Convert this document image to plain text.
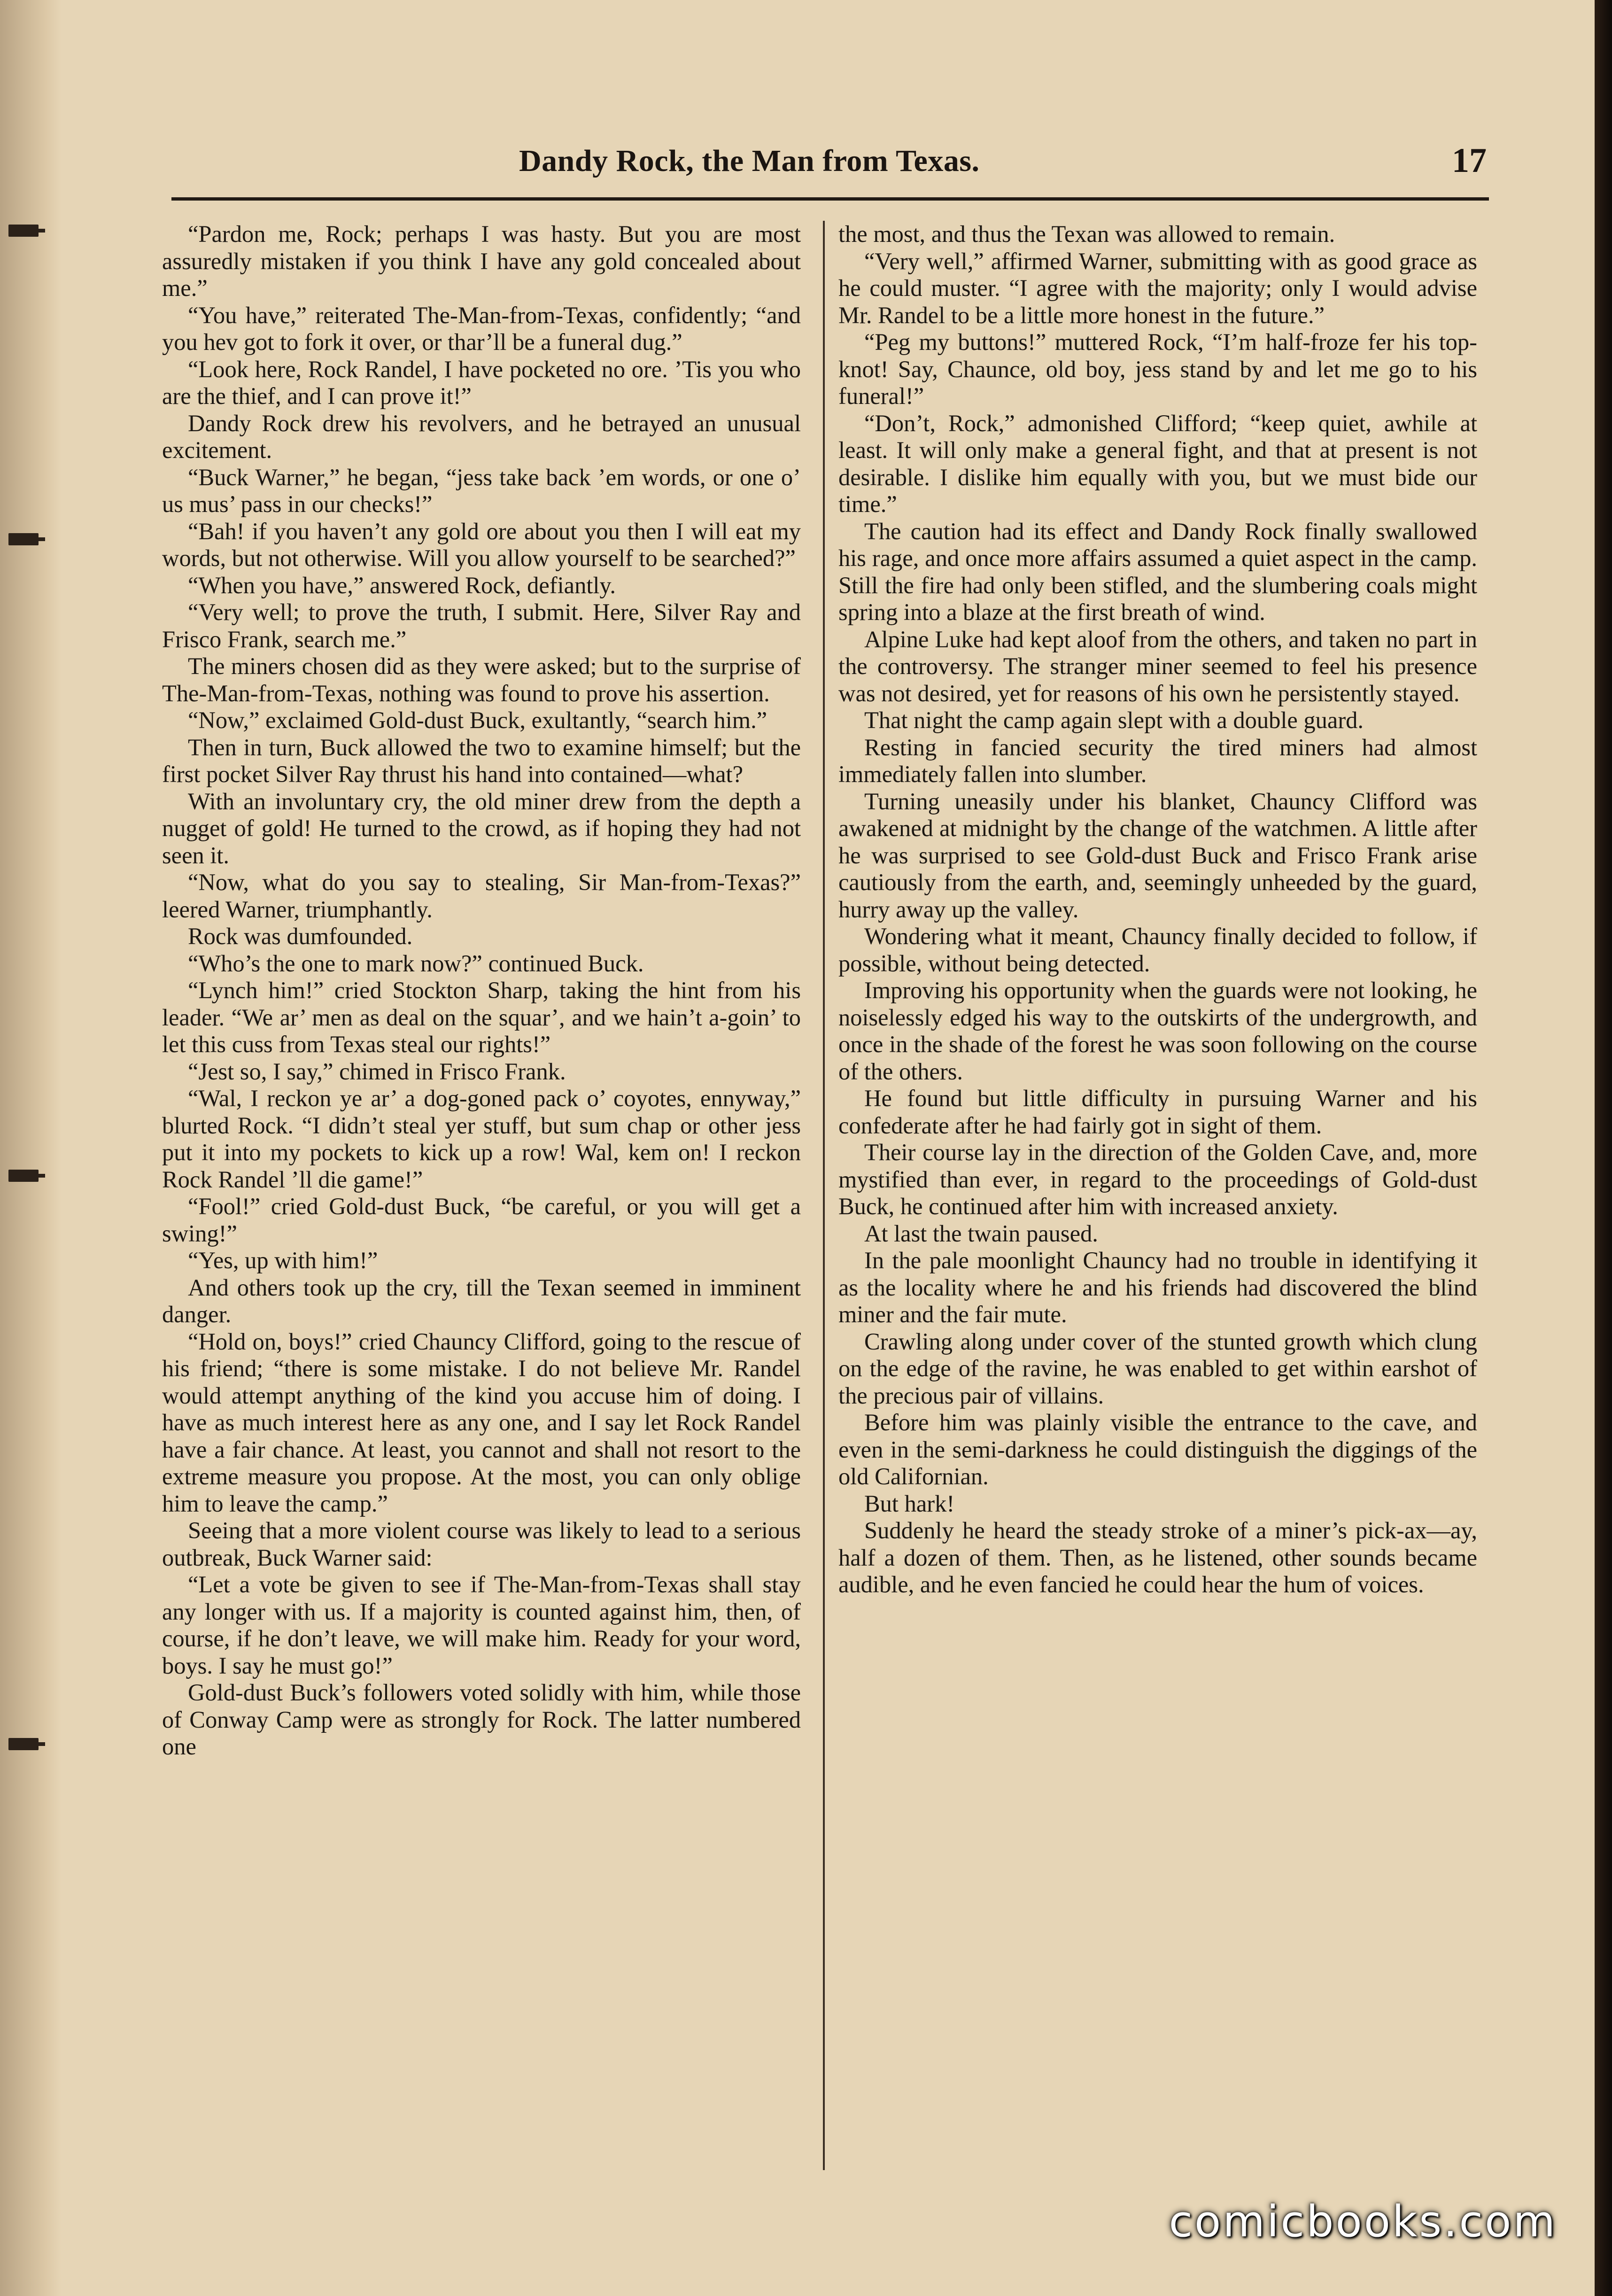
Dandy Rock, the Man from Texas.	17

“Pardon me, Rock; perhaps I was hasty. But you are most assuredly mistaken if you think I have any gold concealed about me.”

“You have,” reiterated The-Man-from-Texas, confidently; “and you hev got to fork it over, or thar’ll be a funeral dug.”

“Look here, Rock Randel, I have pocketed no ore. ’Tis you who are the thief, and I can prove it!”

Dandy Rock drew his revolvers, and he betrayed an unusual excitement.

“Buck Warner,” he began, “jess take back ’em words, or one o’ us mus’ pass in our checks!”

“Bah! if you haven’t any gold ore about you then I will eat my words, but not otherwise. Will you allow yourself to be searched?”

“When you have,” answered Rock, defiantly.

“Very well; to prove the truth, I submit. Here, Silver Ray and Frisco Frank, search me.”

The miners chosen did as they were asked; but to the surprise of The-Man-from-Texas, nothing was found to prove his assertion.

“Now,” exclaimed Gold-dust Buck, exultantly, “search him.”

Then in turn, Buck allowed the two to examine himself; but the first pocket Silver Ray thrust his hand into contained—what?

With an involuntary cry, the old miner drew from the depth a nugget of gold! He turned to the crowd, as if hoping they had not seen it.

“Now, what do you say to stealing, Sir Man-from-Texas?” leered Warner, triumphantly.

Rock was dumfounded.

“Who’s the one to mark now?” continued Buck.

“Lynch him!” cried Stockton Sharp, taking the hint from his leader. “We ar’ men as deal on the squar’, and we hain’t a-goin’ to let this cuss from Texas steal our rights!”

“Jest so, I say,” chimed in Frisco Frank.

“Wal, I reckon ye ar’ a dog-goned pack o’ coyotes, ennyway,” blurted Rock. “I didn’t steal yer stuff, but sum chap or other jess put it into my pockets to kick up a row! Wal, kem on! I reckon Rock Randel ’ll die game!”

“Fool!” cried Gold-dust Buck, “be careful, or you will get a swing!”

“Yes, up with him!”

And others took up the cry, till the Texan seemed in imminent danger.

“Hold on, boys!” cried Chauncy Clifford, going to the rescue of his friend; “there is some mistake. I do not believe Mr. Randel would attempt anything of the kind you accuse him of doing. I have as much interest here as any one, and I say let Rock Randel have a fair chance. At least, you cannot and shall not resort to the extreme measure you propose. At the most, you can only oblige him to leave the camp.”

Seeing that a more violent course was likely to lead to a serious outbreak, Buck Warner said:

“Let a vote be given to see if The-Man-from-Texas shall stay any longer with us. If a majority is counted against him, then, of course, if he don’t leave, we will make him. Ready for your word, boys. I say he must go!”

Gold-dust Buck’s followers voted solidly with him, while those of Conway Camp were as strongly for Rock. The latter numbered one

the most, and thus the Texan was allowed to remain.

“Very well,” affirmed Warner, submitting with as good grace as he could muster. “I agree with the majority; only I would advise Mr. Randel to be a little more honest in the future.”

“Peg my buttons!” muttered Rock, “I’m half-froze fer his top-knot! Say, Chaunce, old boy, jess stand by and let me go to his funeral!”

“Don’t, Rock,” admonished Clifford; “keep quiet, awhile at least. It will only make a general fight, and that at present is not desirable. I dislike him equally with you, but we must bide our time.”

The caution had its effect and Dandy Rock finally swallowed his rage, and once more affairs assumed a quiet aspect in the camp. Still the fire had only been stifled, and the slumbering coals might spring into a blaze at the first breath of wind.

Alpine Luke had kept aloof from the others, and taken no part in the controversy. The stranger miner seemed to feel his presence was not desired, yet for reasons of his own he persistently stayed.

That night the camp again slept with a double guard.

Resting in fancied security the tired miners had almost immediately fallen into slumber.

Turning uneasily under his blanket, Chauncy Clifford was awakened at midnight by the change of the watchmen. A little after he was surprised to see Gold-dust Buck and Frisco Frank arise cautiously from the earth, and, seemingly unheeded by the guard, hurry away up the valley.

Wondering what it meant, Chauncy finally decided to follow, if possible, without being detected.

Improving his opportunity when the guards were not looking, he noiselessly edged his way to the outskirts of the undergrowth, and once in the shade of the forest he was soon following on the course of the others.

He found but little difficulty in pursuing Warner and his confederate after he had fairly got in sight of them.

Their course lay in the direction of the Golden Cave, and, more mystified than ever, in regard to the proceedings of Gold-dust Buck, he continued after him with increased anxiety.

At last the twain paused.

In the pale moonlight Chauncy had no trouble in identifying it as the locality where he and his friends had discovered the blind miner and the fair mute.

Crawling along under cover of the stunted growth which clung on the edge of the ravine, he was enabled to get within earshot of the precious pair of villains.

Before him was plainly visible the entrance to the cave, and even in the semi-darkness he could distinguish the diggings of the old Californian.

But hark!

Suddenly he heard the steady stroke of a miner’s pick-ax—ay, half a dozen of them. Then, as he listened, other sounds became audible, and he even fancied he could hear the hum of voices.

comicbooks.com
